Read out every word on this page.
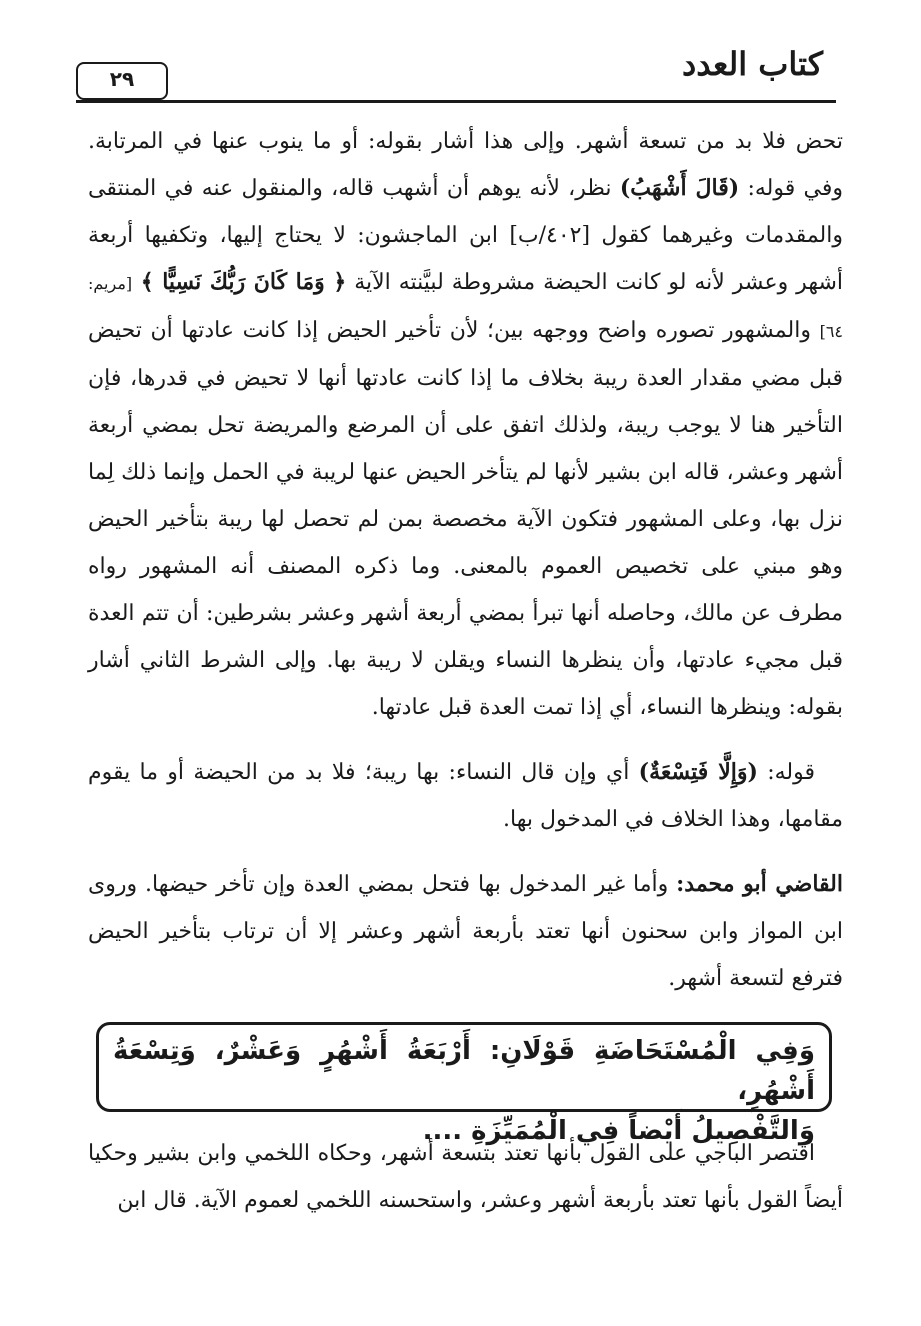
كتاب العدد
٢٩

تحض فلا بد من تسعة أشهر. وإلى هذا أشار بقوله: أو ما ينوب عنها في المرتابة. وفي قوله: (قَالَ أَشْهَبُ) نظر، لأنه يوهم أن أشهب قاله، والمنقول عنه في المنتقى والمقدمات وغيرهما كقول [٤٠٢/ب] ابن الماجشون: لا يحتاج إليها، وتكفيها أربعة أشهر وعشر لأنه لو كانت الحيضة مشروطة لبيَّنته الآية ﴿ وَمَا كَانَ رَبُّكَ نَسِيًّا ﴾ [مريم: ٦٤] والمشهور تصوره واضح ووجهه بين؛ لأن تأخير الحيض إذا كانت عادتها أن تحيض قبل مضي مقدار العدة ريبة بخلاف ما إذا كانت عادتها أنها لا تحيض في قدرها، فإن التأخير هنا لا يوجب ريبة، ولذلك اتفق على أن المرضع والمريضة تحل بمضي أربعة أشهر وعشر، قاله ابن بشير لأنها لم يتأخر الحيض عنها لريبة في الحمل وإنما ذلك لِما نزل بها، وعلى المشهور فتكون الآية مخصصة بمن لم تحصل لها ريبة بتأخير الحيض وهو مبني على تخصيص العموم بالمعنى. وما ذكره المصنف أنه المشهور رواه مطرف عن مالك، وحاصله أنها تبرأ بمضي أربعة أشهر وعشر بشرطين: أن تتم العدة قبل مجيء عادتها، وأن ينظرها النساء ويقلن لا ريبة بها. وإلى الشرط الثاني أشار بقوله: وينظرها النساء، أي إذا تمت العدة قبل عادتها.

قوله: (وَإِلَّا فَتِسْعَةٌ) أي وإن قال النساء: بها ريبة؛ فلا بد من الحيضة أو ما يقوم مقامها، وهذا الخلاف في المدخول بها.

القاضي أبو محمد: وأما غير المدخول بها فتحل بمضي العدة وإن تأخر حيضها. وروى ابن المواز وابن سحنون أنها تعتد بأربعة أشهر وعشر إلا أن ترتاب بتأخير الحيض فترفع لتسعة أشهر.

وَفِي الْمُسْتَحَاضَةِ قَوْلَانِ: أَرْبَعَةُ أَشْهُرٍ وَعَشْرٌ، وَتِسْعَةُ أَشْهُرٍ،

وَالتَّفْصِيلُ أَيْضاً فِي الْمُمَيِّزَةِ ....

اقتصر الباجي على القول بأنها تعتد بتسعة أشهر، وحكاه اللخمي وابن بشير وحكيا أيضاً القول بأنها تعتد بأربعة أشهر وعشر، واستحسنه اللخمي لعموم الآية. قال ابن
